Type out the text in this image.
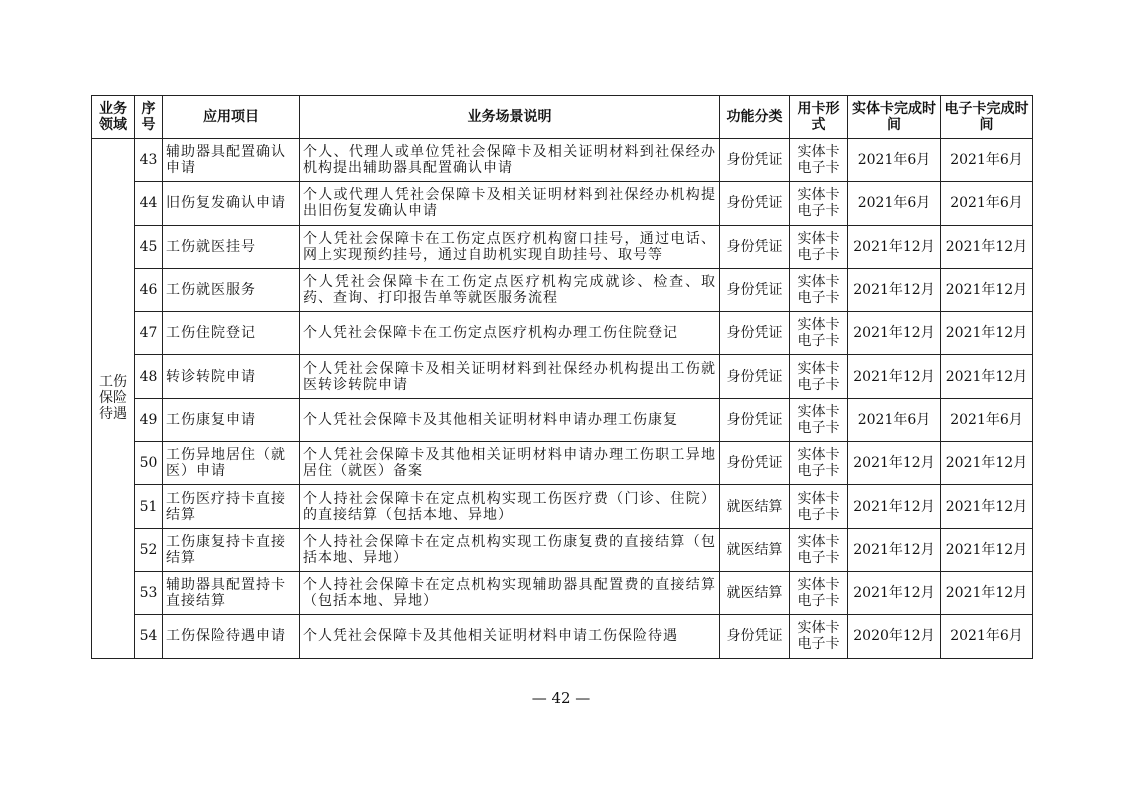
业务领域	序号	应用项目	业务场景说明	功能分类	用卡形式	实体卡完成时间	电子卡完成时间
工伤保险待遇	43	辅助器具配置确认申请	个人、代理人或单位凭社会保障卡及相关证明材料到社保经办机构提出辅助器具配置确认申请	身份凭证	实体卡电子卡	2021年6月	2021年6月
	44	旧伤复发确认申请	个人或代理人凭社会保障卡及相关证明材料到社保经办机构提出旧伤复发确认申请	身份凭证	实体卡电子卡	2021年6月	2021年6月
	45	工伤就医挂号	个人凭社会保障卡在工伤定点医疗机构窗口挂号，通过电话、网上实现预约挂号，通过自助机实现自助挂号、取号等	身份凭证	实体卡电子卡	2021年12月	2021年12月
	46	工伤就医服务	个人凭社会保障卡在工伤定点医疗机构完成就诊、检查、取药、查询、打印报告单等就医服务流程	身份凭证	实体卡电子卡	2021年12月	2021年12月
	47	工伤住院登记	个人凭社会保障卡在工伤定点医疗机构办理工伤住院登记	身份凭证	实体卡电子卡	2021年12月	2021年12月
	48	转诊转院申请	个人凭社会保障卡及相关证明材料到社保经办机构提出工伤就医转诊转院申请	身份凭证	实体卡电子卡	2021年12月	2021年12月
	49	工伤康复申请	个人凭社会保障卡及其他相关证明材料申请办理工伤康复	身份凭证	实体卡电子卡	2021年6月	2021年6月
	50	工伤异地居住（就医）申请	个人凭社会保障卡及其他相关证明材料申请办理工伤职工异地居住（就医）备案	身份凭证	实体卡电子卡	2021年12月	2021年12月
	51	工伤医疗持卡直接结算	个人持社会保障卡在定点机构实现工伤医疗费（门诊、住院）的直接结算（包括本地、异地）	就医结算	实体卡电子卡	2021年12月	2021年12月
	52	工伤康复持卡直接结算	个人持社会保障卡在定点机构实现工伤康复费的直接结算（包括本地、异地）	就医结算	实体卡电子卡	2021年12月	2021年12月
	53	辅助器具配置持卡直接结算	个人持社会保障卡在定点机构实现辅助器具配置费的直接结算（包括本地、异地）	就医结算	实体卡电子卡	2021年12月	2021年12月
	54	工伤保险待遇申请	个人凭社会保障卡及其他相关证明材料申请工伤保险待遇	身份凭证	实体卡电子卡	2020年12月	2021年6月
— 42 —
